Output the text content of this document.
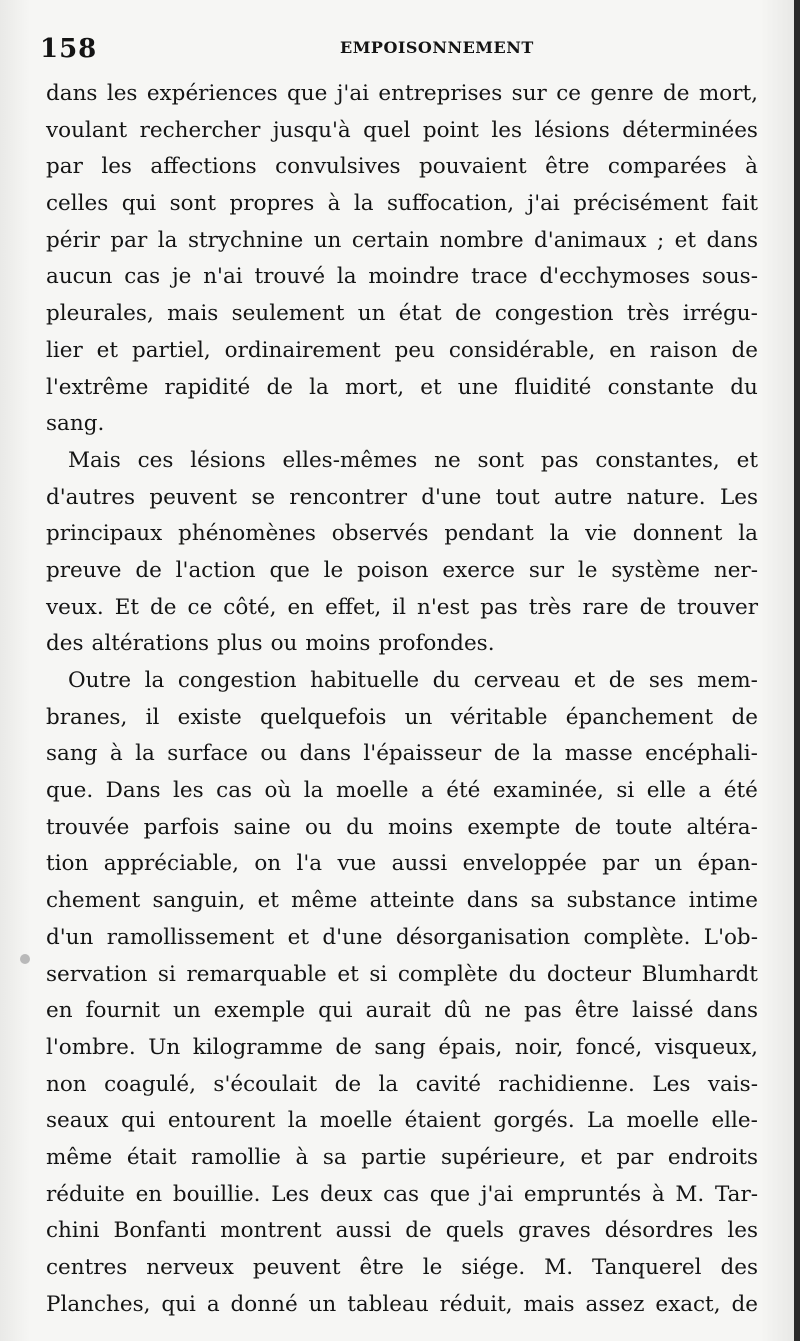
158	EMPOISONNEMENT
dans les expériences que j'ai entreprises sur ce genre de mort,
voulant rechercher jusqu'à quel point les lésions déterminées
par les affections convulsives pouvaient être comparées à
celles qui sont propres à la suffocation, j'ai précisément fait
périr par la strychnine un certain nombre d'animaux ; et dans
aucun cas je n'ai trouvé la moindre trace d'ecchymoses sous-
pleurales, mais seulement un état de congestion très irrégu-
lier et partiel, ordinairement peu considérable, en raison de
l'extrême rapidité de la mort, et une fluidité constante du
sang.
Mais ces lésions elles-mêmes ne sont pas constantes, et
d'autres peuvent se rencontrer d'une tout autre nature. Les
principaux phénomènes observés pendant la vie donnent la
preuve de l'action que le poison exerce sur le système ner-
veux. Et de ce côté, en effet, il n'est pas très rare de trouver
des altérations plus ou moins profondes.
Outre la congestion habituelle du cerveau et de ses mem-
branes, il existe quelquefois un véritable épanchement de
sang à la surface ou dans l'épaisseur de la masse encéphali-
que. Dans les cas où la moelle a été examinée, si elle a été
trouvée parfois saine ou du moins exempte de toute altéra-
tion appréciable, on l'a vue aussi enveloppée par un épan-
chement sanguin, et même atteinte dans sa substance intime
d'un ramollissement et d'une désorganisation complète. L'ob-
servation si remarquable et si complète du docteur Blumhardt
en fournit un exemple qui aurait dû ne pas être laissé dans
l'ombre. Un kilogramme de sang épais, noir, foncé, visqueux,
non coagulé, s'écoulait de la cavité rachidienne. Les vais-
seaux qui entourent la moelle étaient gorgés. La moelle elle-
même était ramollie à sa partie supérieure, et par endroits
réduite en bouillie. Les deux cas que j'ai empruntés à M. Tar-
chini Bonfanti montrent aussi de quels graves désordres les
centres nerveux peuvent être le siége. M. Tanquerel des
Planches, qui a donné un tableau réduit, mais assez exact, de
